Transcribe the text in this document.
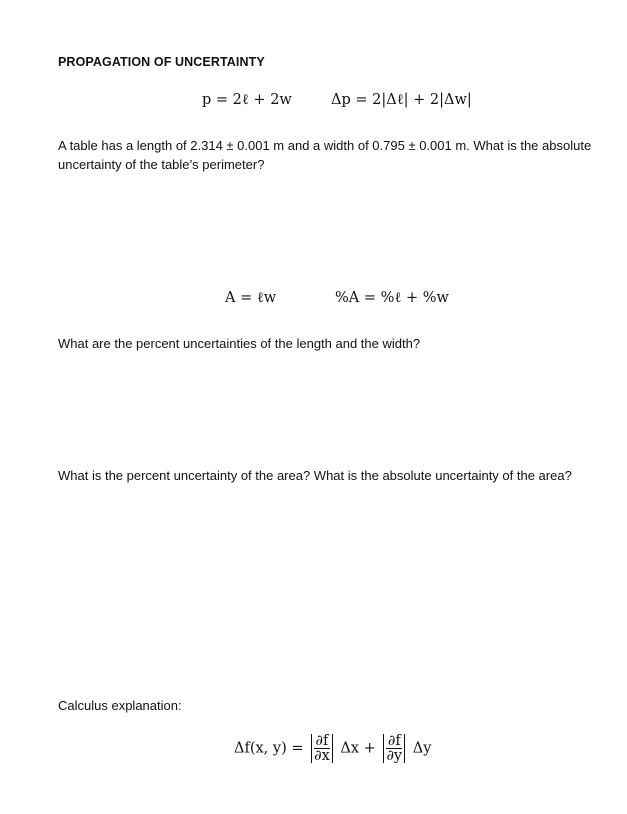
PROPAGATION OF UNCERTAINTY
p = 2ℓ + 2w	Δp = 2|Δℓ| + 2|Δw|
A table has a length of 2.314 ± 0.001 m and a width of 0.795 ± 0.001 m. What is the absolute uncertainty of the table’s perimeter?
A = ℓw	%A = %ℓ + %w
What are the percent uncertainties of the length and the width?
What is the percent uncertainty of the area? What is the absolute uncertainty of the area?
Calculus explanation:
Δf(x, $y) = \frac{\partial f}{\partial x}$ $\Delta x + \frac{\partial f}{\partial y}$ Δy
